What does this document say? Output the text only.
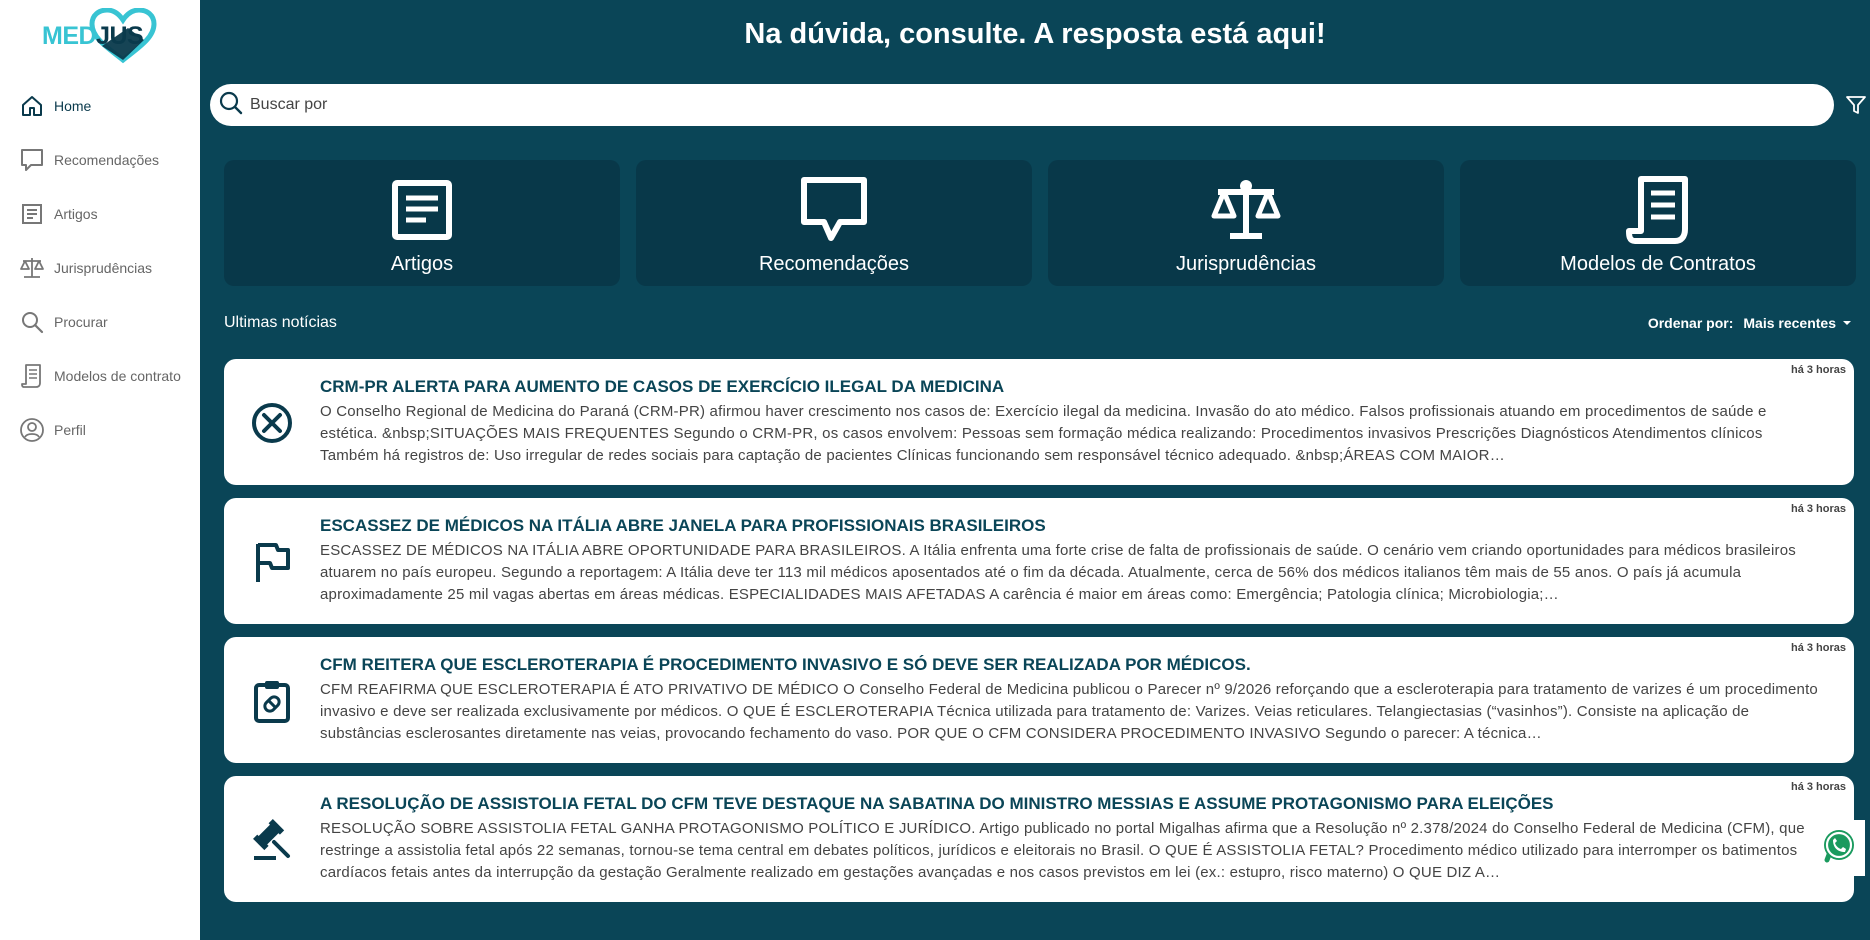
MEDJUS
Home
Recomendações
Artigos
Jurisprudências
Procurar
Modelos de contrato
Perfil
Na dúvida, consulte. A resposta está aqui!
Buscar por
Artigos	Recomendações	Jurisprudências	Modelos de Contratos
Ultimas notícias	Ordenar por: Mais recentes
há 3 horas
CRM-PR ALERTA PARA AUMENTO DE CASOS DE EXERCÍCIO ILEGAL DA MEDICINA
O Conselho Regional de Medicina do Paraná (CRM-PR) afirmou haver crescimento nos casos de: Exercício ilegal da medicina. Invasão do ato médico. Falsos profissionais atuando em procedimentos de saúde e estética. &nbsp;SITUAÇÕES MAIS FREQUENTES Segundo o CRM-PR, os casos envolvem: Pessoas sem formação médica realizando: Procedimentos invasivos Prescrições Diagnósticos Atendimentos clínicos Também há registros de: Uso irregular de redes sociais para captação de pacientes Clínicas funcionando sem responsável técnico adequado. &nbsp;ÁREAS COM MAIOR…
há 3 horas
ESCASSEZ DE MÉDICOS NA ITÁLIA ABRE JANELA PARA PROFISSIONAIS BRASILEIROS
ESCASSEZ DE MÉDICOS NA ITÁLIA ABRE OPORTUNIDADE PARA BRASILEIROS. A Itália enfrenta uma forte crise de falta de profissionais de saúde. O cenário vem criando oportunidades para médicos brasileiros atuarem no país europeu. Segundo a reportagem: A Itália deve ter 113 mil médicos aposentados até o fim da década. Atualmente, cerca de 56% dos médicos italianos têm mais de 55 anos. O país já acumula aproximadamente 25 mil vagas abertas em áreas médicas. ESPECIALIDADES MAIS AFETADAS A carência é maior em áreas como: Emergência; Patologia clínica; Microbiologia;…
há 3 horas
CFM REITERA QUE ESCLEROTERAPIA É PROCEDIMENTO INVASIVO E SÓ DEVE SER REALIZADA POR MÉDICOS.
CFM REAFIRMA QUE ESCLEROTERAPIA É ATO PRIVATIVO DE MÉDICO O Conselho Federal de Medicina publicou o Parecer nº 9/2026 reforçando que a escleroterapia para tratamento de varizes é um procedimento invasivo e deve ser realizada exclusivamente por médicos. O QUE É ESCLEROTERAPIA Técnica utilizada para tratamento de: Varizes. Veias reticulares. Telangiectasias (“vasinhos”). Consiste na aplicação de substâncias esclerosantes diretamente nas veias, provocando fechamento do vaso. POR QUE O CFM CONSIDERA PROCEDIMENTO INVASIVO Segundo o parecer: A técnica…
há 3 horas
A RESOLUÇÃO DE ASSISTOLIA FETAL DO CFM TEVE DESTAQUE NA SABATINA DO MINISTRO MESSIAS E ASSUME PROTAGONISMO PARA ELEIÇÕES
RESOLUÇÃO SOBRE ASSISTOLIA FETAL GANHA PROTAGONISMO POLÍTICO E JURÍDICO. Artigo publicado no portal Migalhas afirma que a Resolução nº 2.378/2024 do Conselho Federal de Medicina (CFM), que restringe a assistolia fetal após 22 semanas, tornou-se tema central em debates políticos, jurídicos e eleitorais no Brasil. O QUE É ASSISTOLIA FETAL? Procedimento médico utilizado para interromper os batimentos cardíacos fetais antes da interrupção da gestação Geralmente realizado em gestações avançadas e nos casos previstos em lei (ex.: estupro, risco materno) O QUE DIZ A…
